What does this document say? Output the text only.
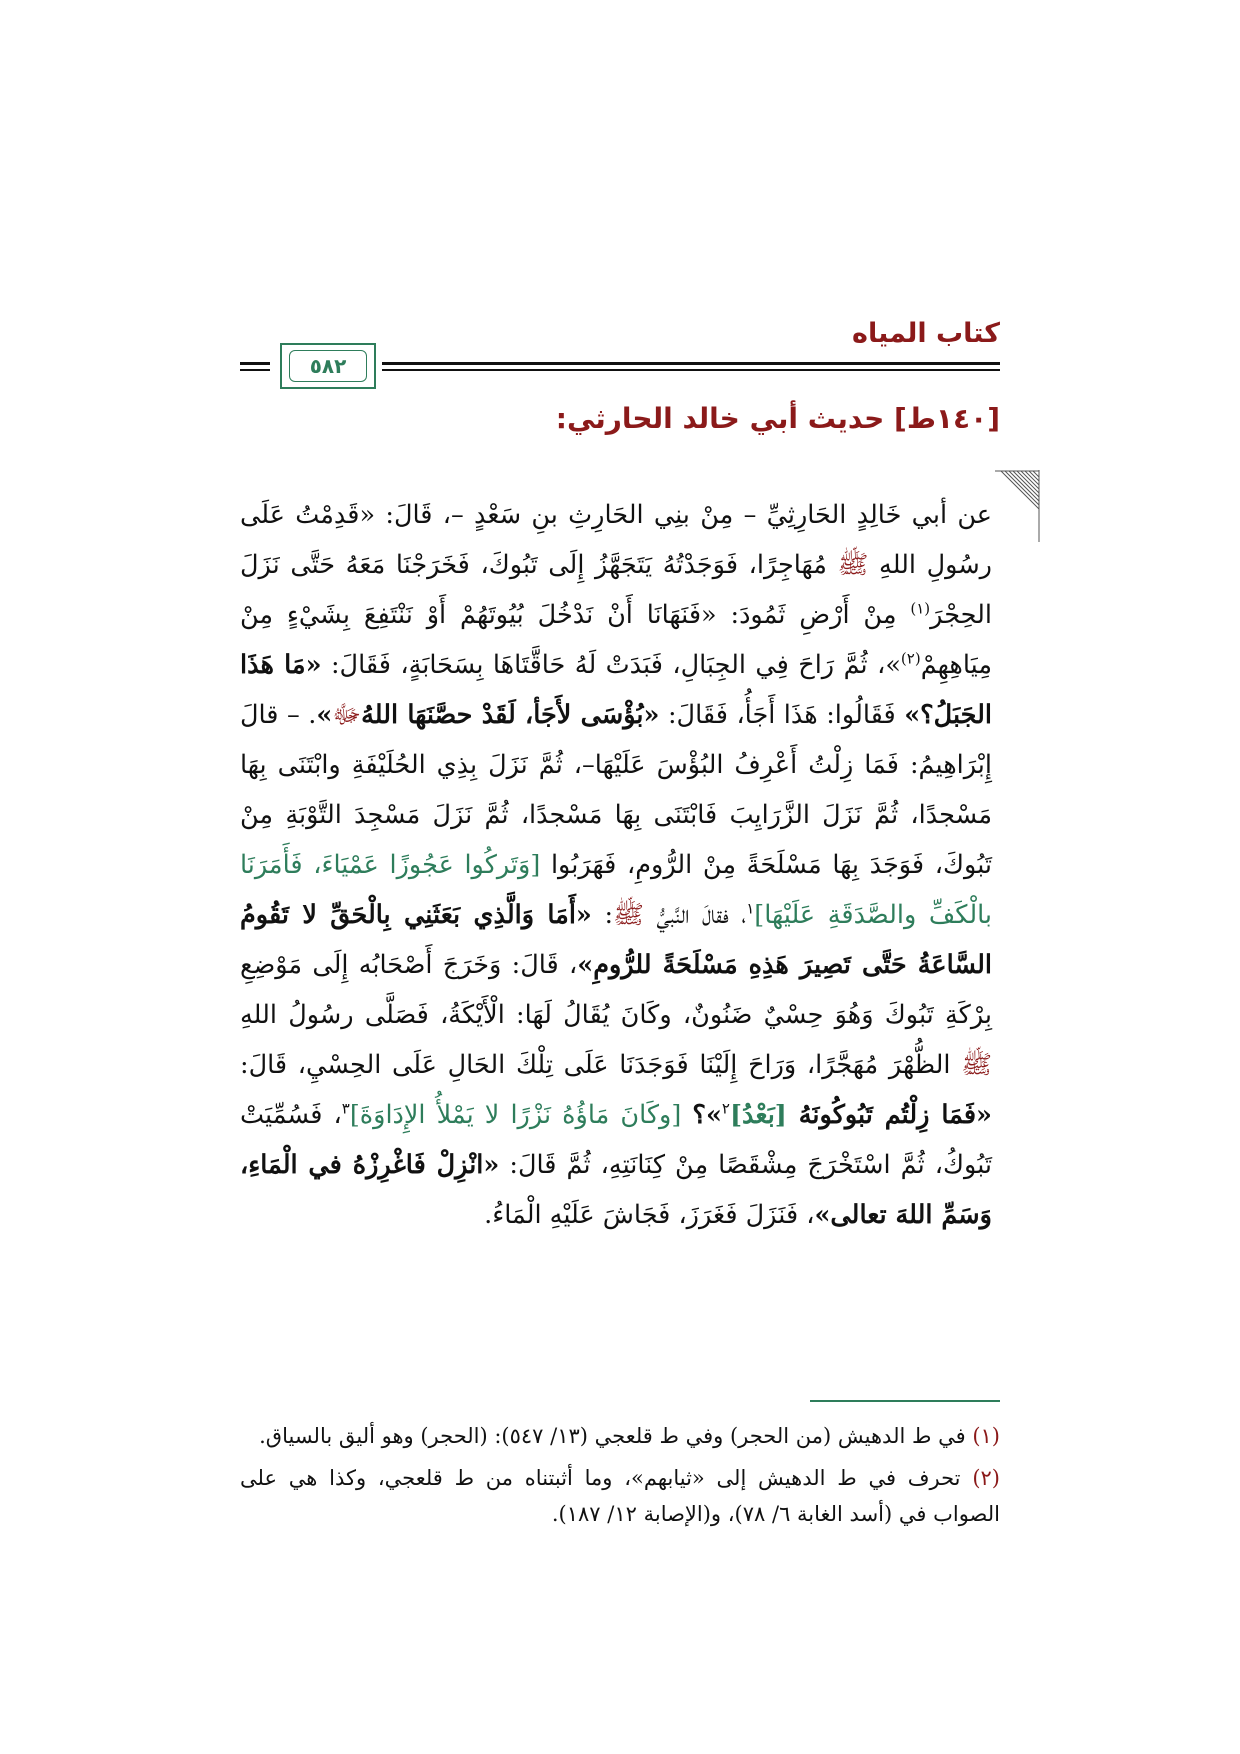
كتاب المياه
٥٨٢
[١٤٠ط] حديث أبي خالد الحارثي:
عن أبي خَالِدٍ الحَارِثِيِّ – مِنْ بنِي الحَارِثِ بنِ سَعْدٍ –، قَالَ: «قَدِمْتُ عَلَى رسُولِ اللهِ ﷺ مُهَاجِرًا، فَوَجَدْتُهُ يَتَجَهَّزُ إِلَى تَبُوكَ، فَخَرَجْنَا مَعَهُ حَتَّى نَزَلَ الحِجْرَ$^{(١)}$ مِنْ أَرْضِ ثَمُودَ: «فَنَهَانَا أَنْ نَدْخُلَ بُيُوتَهُمْ أَوْ نَنْتَفِعَ بِشَيْءٍ مِنْ مِيَاهِهِمْ$^{(٢)}$»، ثُمَّ رَاحَ فِي الجِبَالِ، فَبَدَتْ لَهُ حَاقَّتَاهَا بِسَحَابَةٍ، فَقَالَ: «مَا هَذَا الجَبَلُ؟» فَقَالُوا: هَذَا أَجَأُ، فَقَالَ: «بُؤْسَى لأَجَأ، لَقَدْ حصَّنَهَا اللهُﷻ». – قالَ إِبْرَاهِيمُ: فَمَا زِلْتُ أَعْرِفُ البُؤْسَ عَلَيْهَا–، ثُمَّ نَزَلَ بِذِي الحُلَيْفَةِ وابْتَنَى بِهَا مَسْجدًا، ثُمَّ نَزَلَ الزَّرَايِبَ فَابْتَنَى بِهَا مَسْجدًا، ثُمَّ نَزَلَ مَسْجِدَ التَّوْبَةِ مِنْ تَبُوكَ، فَوَجَدَ بِهَا مَسْلَحَةً مِنْ الرُّومِ، فَهَرَبُوا [وَتَركُوا عَجُوزًا عَمْيَاءَ، فَأَمَرَنَا بالْكَفِّ والصَّدَقَةِ عَلَيْهَا]$^١$، فقالَ النَّبيُّ ﷺ: «أَمَا وَالَّذِي بَعَثَنِي بِالْحَقِّ لا تَقُومُ السَّاعَةُ حَتَّى تَصِيرَ هَذِهِ مَسْلَحَةً للرُّومِ»، قَالَ: وَخَرَجَ أَصْحَابُه إِلَى مَوْضِعِ بِرْكَةِ تَبُوكَ وَهُوَ حِسْيٌ ضَنُونٌ، وكَانَ يُقَالُ لَهَا: الْأَيْكَةُ، فَصَلَّى رسُولُ اللهِ ﷺ الظُّهْرَ مُهَجَّرًا، وَرَاحَ إِلَيْنَا فَوَجَدَنَا عَلَى تِلْكَ الحَالِ عَلَى الحِسْيِ، قَالَ: «فَمَا زِلْتُم تَبُوكُونَهُ [بَعْدُ]$^٢$»؟ [وكَانَ مَاؤُهُ نَزْرًا لا يَمْلأُ الإِدَاوَةَ]$^٣$، فَسُمِّيَتْ تَبُوكُ، ثُمَّ اسْتَخْرَجَ مِشْقَصًا مِنْ كِنَانَتِهِ، ثُمَّ قَالَ: «انْزِلْ فَاغْرِزْهُ في الْمَاءِ، وَسَمِّ اللهَ تعالى»، فَنَزَلَ فَغَرَزَ، فَجَاشَ عَلَيْهِ الْمَاءُ.
(١) في ط الدهيش (من الحجر) وفي ط قلعجي (١٣/ ٥٤٧): (الحجر) وهو أليق بالسياق.
(٢) تحرف في ط الدهيش إلى «ثيابهم»، وما أثبتناه من ط قلعجي، وكذا هي على الصواب في (أسد الغابة ٦/ ٧٨)، و(الإصابة ١٢/ ١٨٧).
